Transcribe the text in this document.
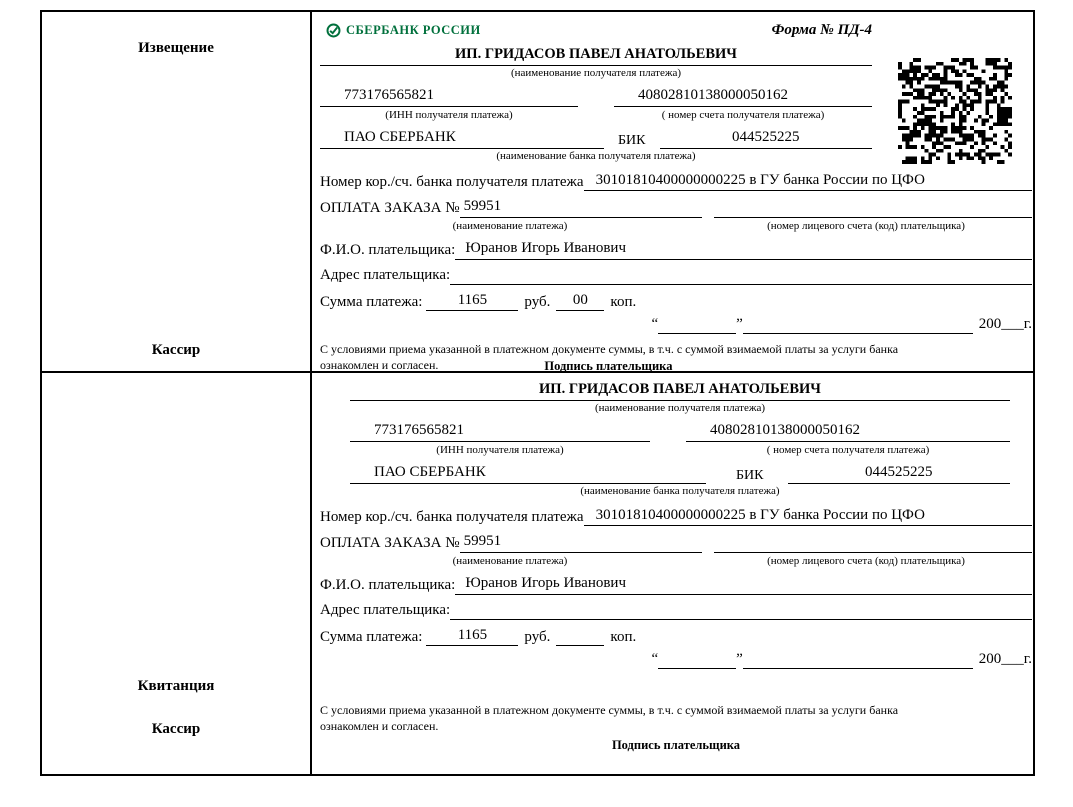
Извещение
Кассир
СБЕРБАНК РОССИИ	Форма № ПД-4
ИП. ГРИДАСОВ ПАВЕЛ АНАТОЛЬЕВИЧ
(наименование получателя платежа)
773176565821	40802810138000050162
(ИНН получателя платежа)	( номер счета получателя платежа)
ПАО СБЕРБАНК	БИК	044525225
(наименование банка получателя платежа)
Номер кор./сч. банка получателя платежа 30101810400000000225 в ГУ банка России по ЦФО
ОПЛАТА ЗАКАЗА № 59951
(наименование платежа)	(номер лицевого счета (код) плательщика)
Ф.И.О. плательщика: Юранов Игорь Иванович
Адрес плательщика:
Сумма платежа:	1165	руб.	00	коп.
“	”	200___г.
С условиями приема указанной в платежном документе суммы, в т.ч. с суммой взимаемой платы за услуги банка
ознакомлен и согласен.	Подпись плательщика
Квитанция
Кассир
ИП. ГРИДАСОВ ПАВЕЛ АНАТОЛЬЕВИЧ
(наименование получателя платежа)
773176565821	40802810138000050162
(ИНН получателя платежа)	( номер счета получателя платежа)
ПАО СБЕРБАНК	БИК	044525225
(наименование банка получателя платежа)
Номер кор./сч. банка получателя платежа 30101810400000000225 в ГУ банка России по ЦФО
ОПЛАТА ЗАКАЗА № 59951
(наименование платежа)	(номер лицевого счета (код) плательщика)
Ф.И.О. плательщика: Юранов Игорь Иванович
Адрес плательщика:
Сумма платежа:	1165	руб.	коп.
“	”	200___г.
С условиями приема указанной в платежном документе суммы, в т.ч. с суммой взимаемой платы за услуги банка
ознакомлен и согласен.
Подпись плательщика
